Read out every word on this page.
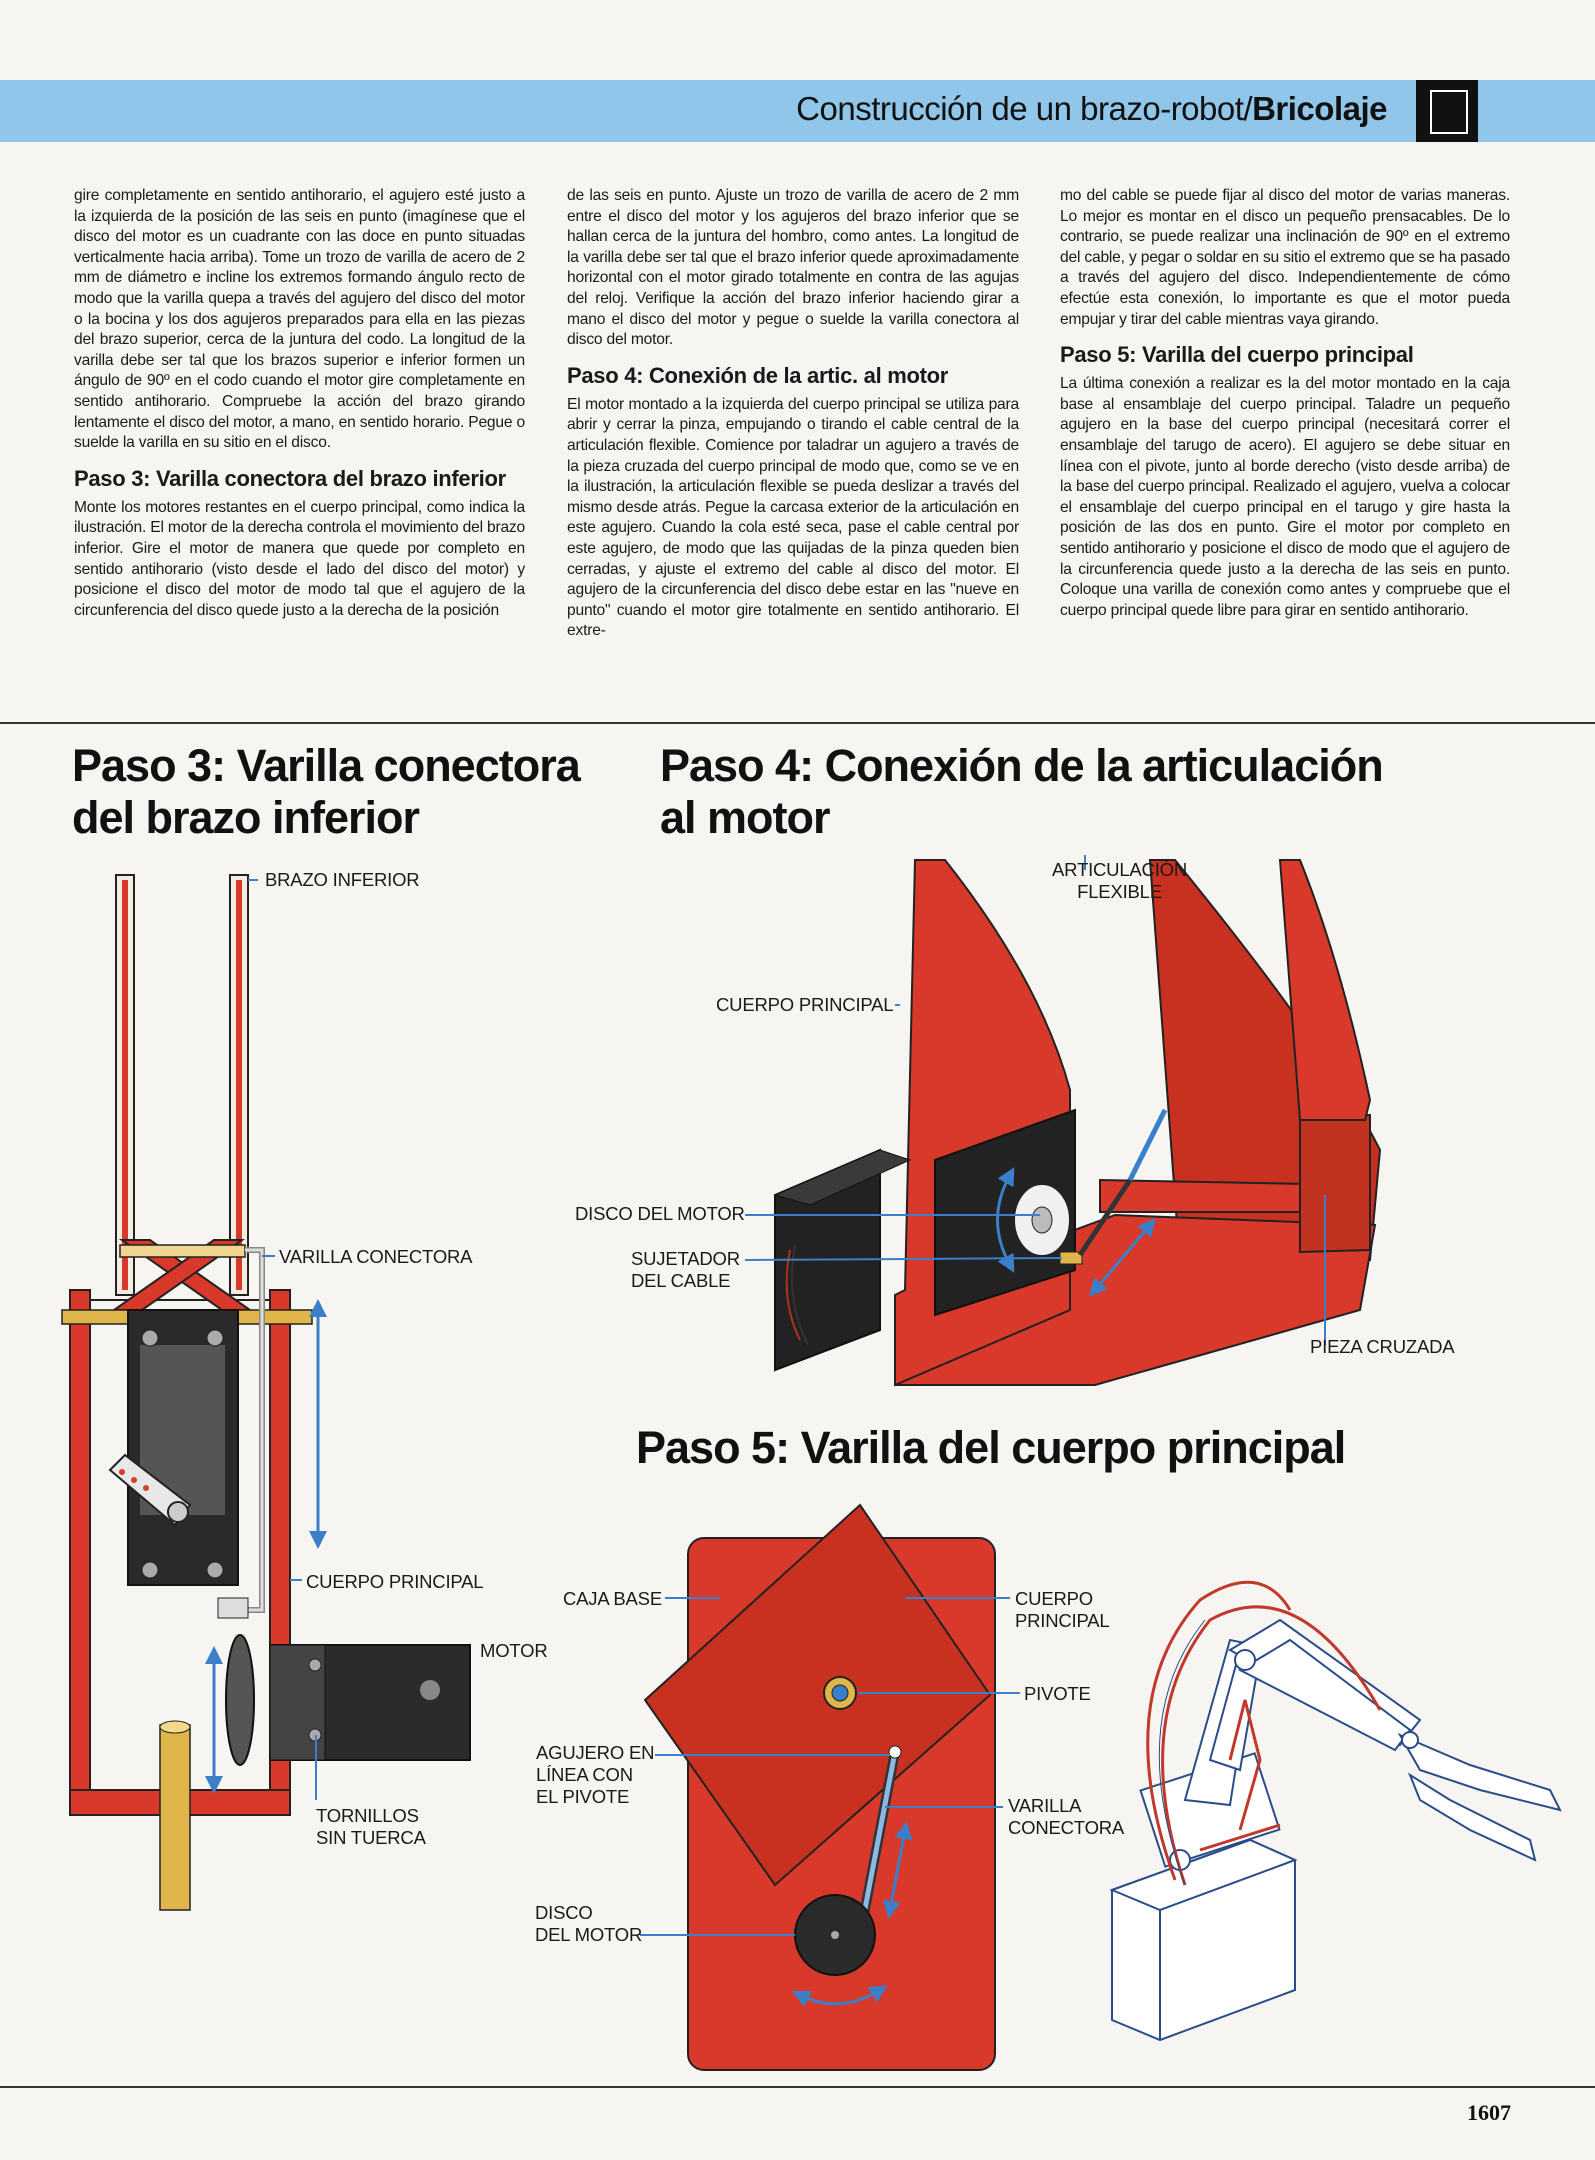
Construcción de un brazo-robot/Bricolaje

gire completamente en sentido antihorario, el agujero esté justo a la izquierda de la posición de las seis en punto (imagínese que el disco del motor es un cuadrante con las doce en punto situadas verticalmente hacia arriba). Tome un trozo de varilla de acero de 2 mm de diámetro e incline los extremos formando ángulo recto de modo que la varilla quepa a través del agujero del disco del motor o la bocina y los dos agujeros preparados para ella en las piezas del brazo superior, cerca de la juntura del codo. La longitud de la varilla debe ser tal que los brazos superior e inferior formen un ángulo de 90º en el codo cuando el motor gire completamente en sentido antihorario. Compruebe la acción del brazo girando lentamente el disco del motor, a mano, en sentido horario. Pegue o suelde la varilla en su sitio en el disco.

Paso 3: Varilla conectora del brazo inferior

Monte los motores restantes en el cuerpo principal, como indica la ilustración. El motor de la derecha controla el movimiento del brazo inferior. Gire el motor de manera que quede por completo en sentido antihorario (visto desde el lado del disco del motor) y posicione el disco del motor de modo tal que el agujero de la circunferencia del disco quede justo a la derecha de la posición

de las seis en punto. Ajuste un trozo de varilla de acero de 2 mm entre el disco del motor y los agujeros del brazo inferior que se hallan cerca de la juntura del hombro, como antes. La longitud de la varilla debe ser tal que el brazo inferior quede aproximadamente horizontal con el motor girado totalmente en contra de las agujas del reloj. Verifique la acción del brazo inferior haciendo girar a mano el disco del motor y pegue o suelde la varilla conectora al disco del motor.

Paso 4: Conexión de la artic. al motor

El motor montado a la izquierda del cuerpo principal se utiliza para abrir y cerrar la pinza, empujando o tirando el cable central de la articulación flexible. Comience por taladrar un agujero a través de la pieza cruzada del cuerpo principal de modo que, como se ve en la ilustración, la articulación flexible se pueda deslizar a través del mismo desde atrás. Pegue la carcasa exterior de la articulación en este agujero. Cuando la cola esté seca, pase el cable central por este agujero, de modo que las quijadas de la pinza queden bien cerradas, y ajuste el extremo del cable al disco del motor. El agujero de la circunferencia del disco debe estar en las "nueve en punto" cuando el motor gire totalmente en sentido antihorario. El extre-

mo del cable se puede fijar al disco del motor de varias maneras. Lo mejor es montar en el disco un pequeño prensacables. De lo contrario, se puede realizar una inclinación de 90º en el extremo del cable, y pegar o soldar en su sitio el extremo que se ha pasado a través del agujero del disco. Independientemente de cómo efectúe esta conexión, lo importante es que el motor pueda empujar y tirar del cable mientras vaya girando.

Paso 5: Varilla del cuerpo principal

La última conexión a realizar es la del motor montado en la caja base al ensamblaje del cuerpo principal. Taladre un pequeño agujero en la base del cuerpo principal (necesitará correr el ensamblaje del tarugo de acero). El agujero se debe situar en línea con el pivote, junto al borde derecho (visto desde arriba) de la base del cuerpo principal. Realizado el agujero, vuelva a colocar el ensamblaje del cuerpo principal en el tarugo y gire hasta la posición de las dos en punto. Gire el motor por completo en sentido antihorario y posicione el disco de modo que el agujero de la circunferencia quede justo a la derecha de las seis en punto. Coloque una varilla de conexión como antes y compruebe que el cuerpo principal quede libre para girar en sentido antihorario.

Paso 3: Varilla conectora
del brazo inferior
Paso 4: Conexión de la articulación
al motor
Paso 5: Varilla del cuerpo principal
BRAZO INFERIOR
VARILLA CONECTORA
CUERPO PRINCIPAL
MOTOR
TORNILLOS
SIN TUERCA
ARTICULACIÓN
FLEXIBLE
CUERPO PRINCIPAL
DISCO DEL MOTOR
SUJETADOR
DEL CABLE
PIEZA CRUZADA
CAJA BASE	CUERPO
PRINCIPAL
PIVOTE
AGUJERO EN
LÍNEA CON
EL PIVOTE	VARILLA
CONECTORA
DISCO
DEL MOTOR
1607
